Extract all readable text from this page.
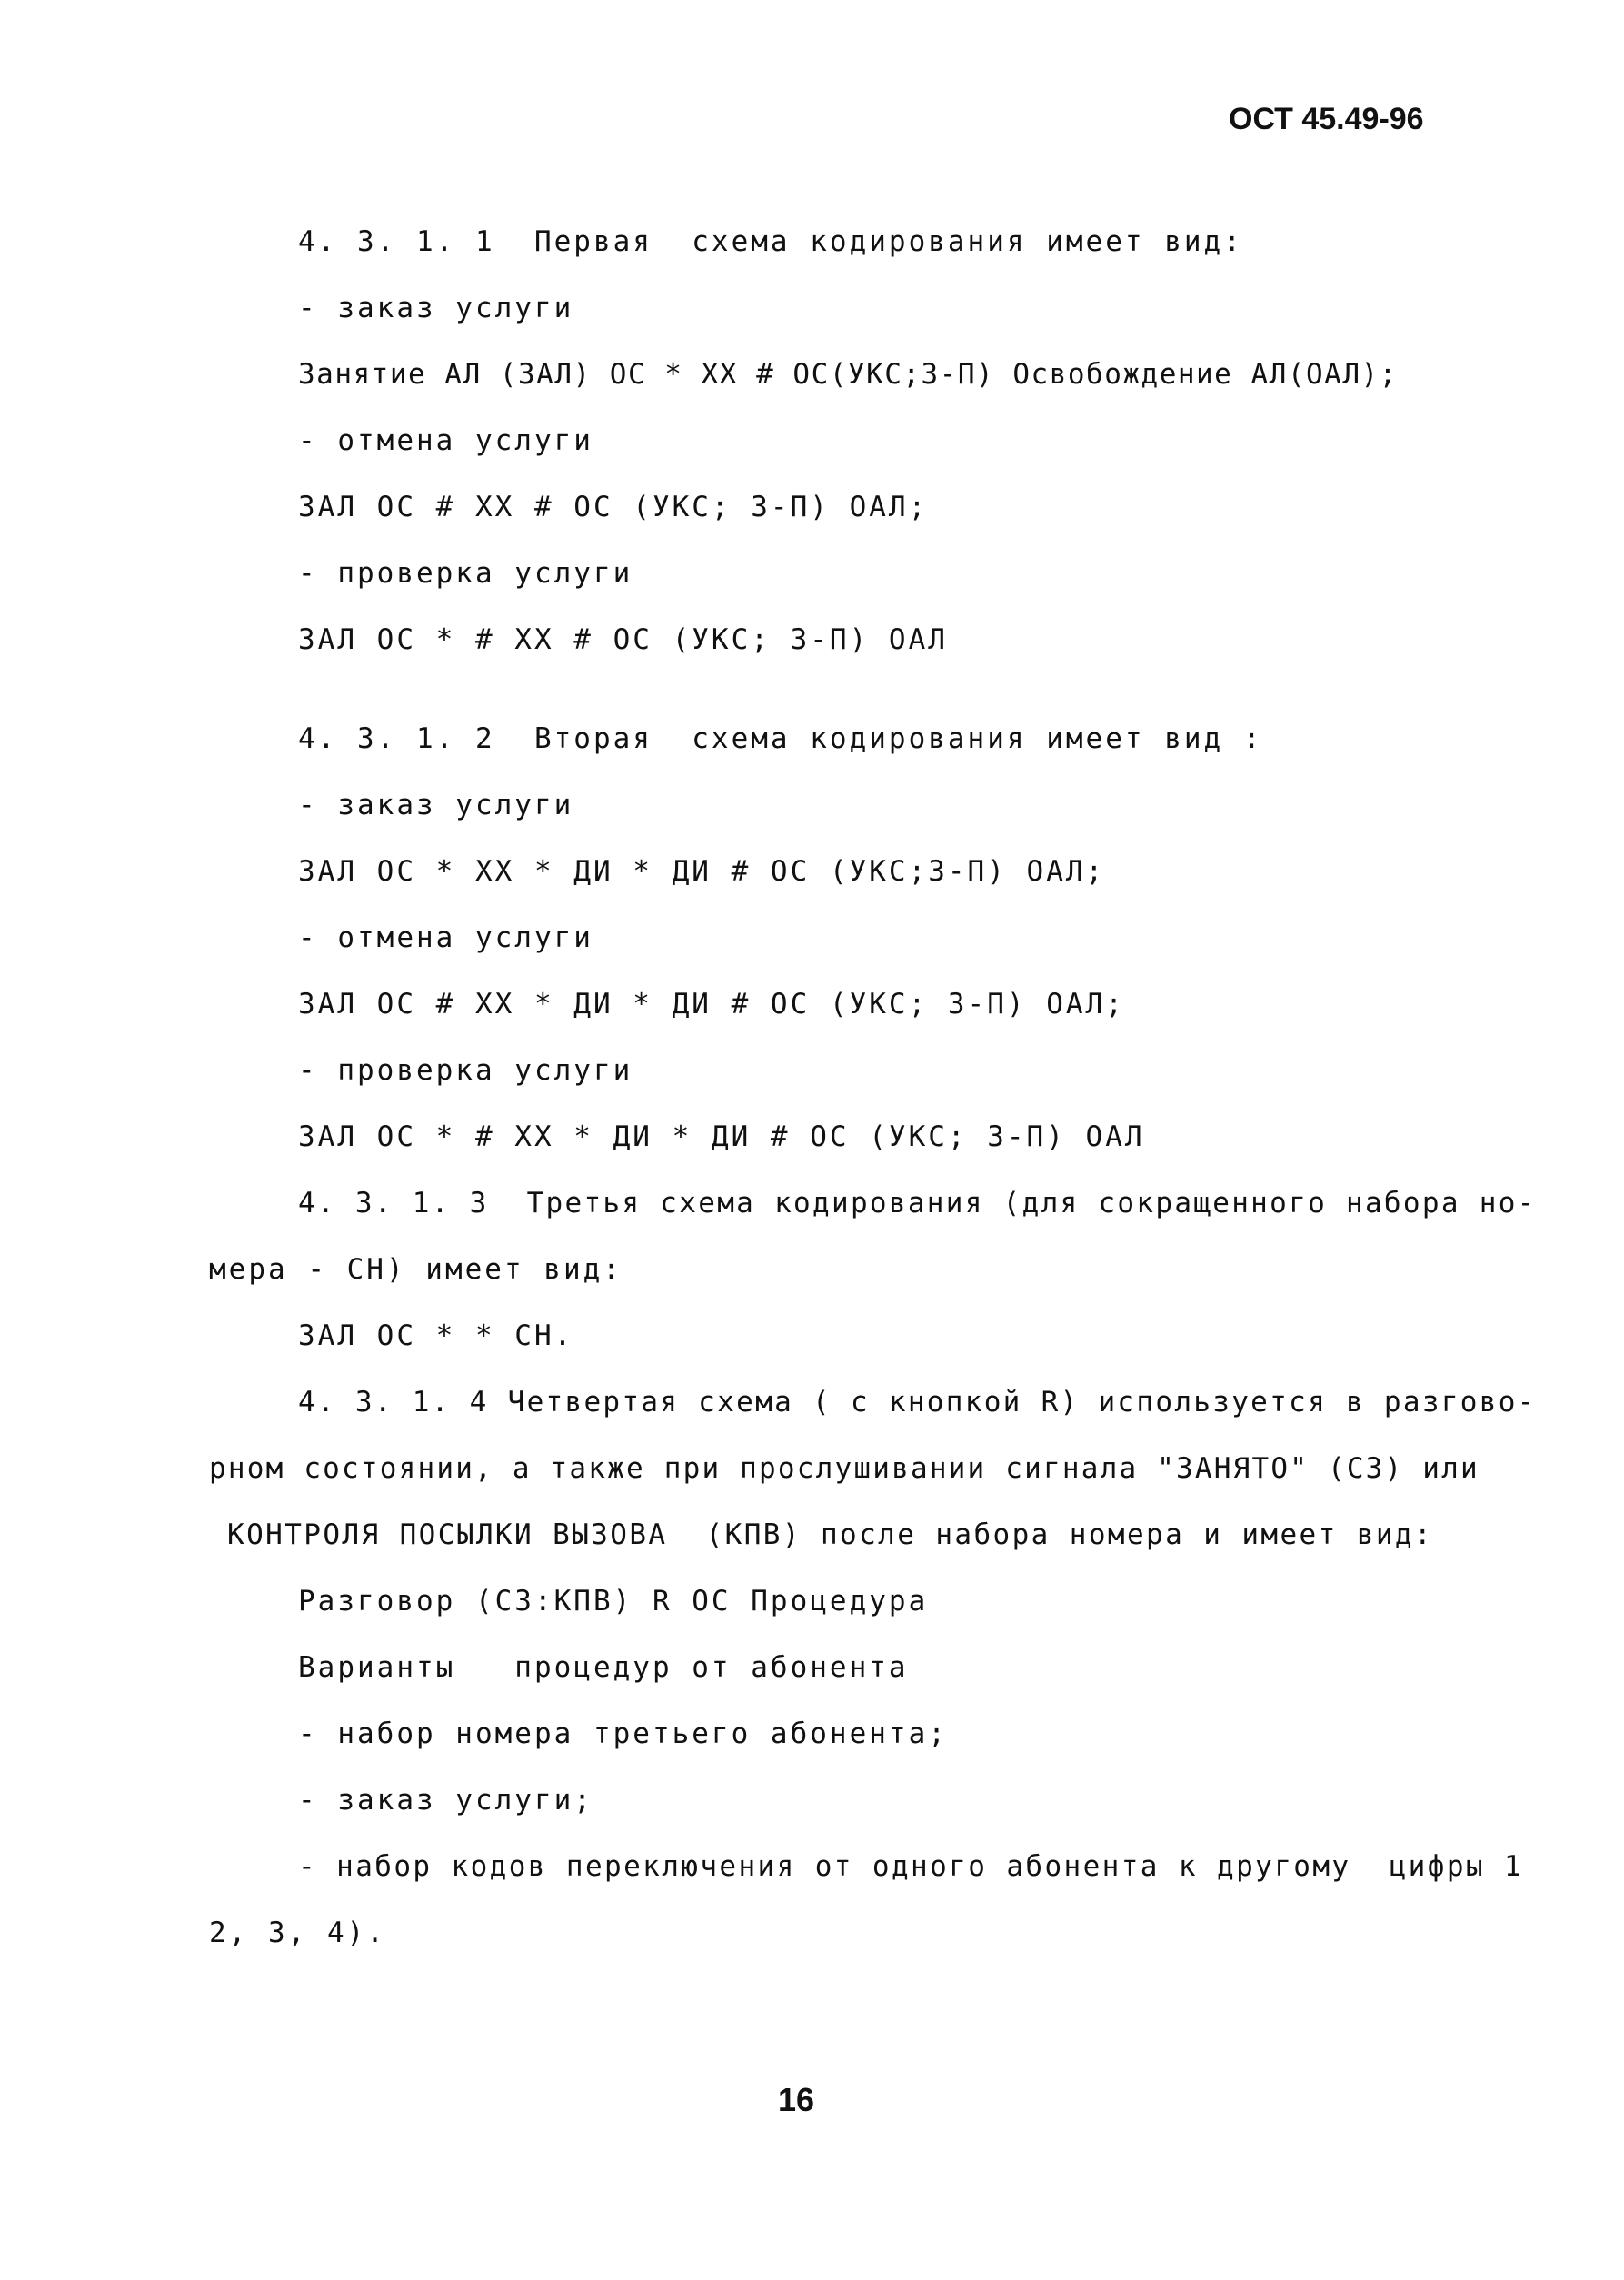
ОСТ 45.49-96
4. 3. 1. 1  Первая  схема кодирования имеет вид:
- заказ услуги
Занятие АЛ (ЗАЛ) ОС * XX # ОС(УКС;З-П) Освобождение АЛ(ОАЛ);
- отмена услуги
ЗАЛ ОС # XX # ОС (УКС; З-П) ОАЛ;
- проверка услуги
ЗАЛ ОС * # XX # ОС (УКС; З-П) ОАЛ
4. 3. 1. 2  Вторая  схема кодирования имеет вид :
- заказ услуги
ЗАЛ ОС * XX * ДИ * ДИ # ОС (УКС;З-П) ОАЛ;
- отмена услуги
ЗАЛ ОС # XX * ДИ * ДИ # ОС (УКС; З-П) ОАЛ;
- проверка услуги
ЗАЛ ОС * # XX * ДИ * ДИ # ОС (УКС; З-П) ОАЛ
4. 3. 1. 3  Третья схема кодирования (для сокращенного набора но-
мера - СН) имеет вид:
ЗАЛ ОС * * СН.
4. 3. 1. 4 Четвертая схема ( с кнопкой R) используется в разгово-
рном состоянии, а также при прослушивании сигнала "ЗАНЯТО" (СЗ) или
КОНТРОЛЯ ПОСЫЛКИ ВЫЗОВА  (КПВ) после набора номера и имеет вид:
Разговор (СЗ:КПВ) R ОС Процедура
Варианты   процедур от абонента
- набор номера третьего абонента;
- заказ услуги;
- набор кодов переключения от одного абонента к другому  цифры 1
2, 3, 4).
16
